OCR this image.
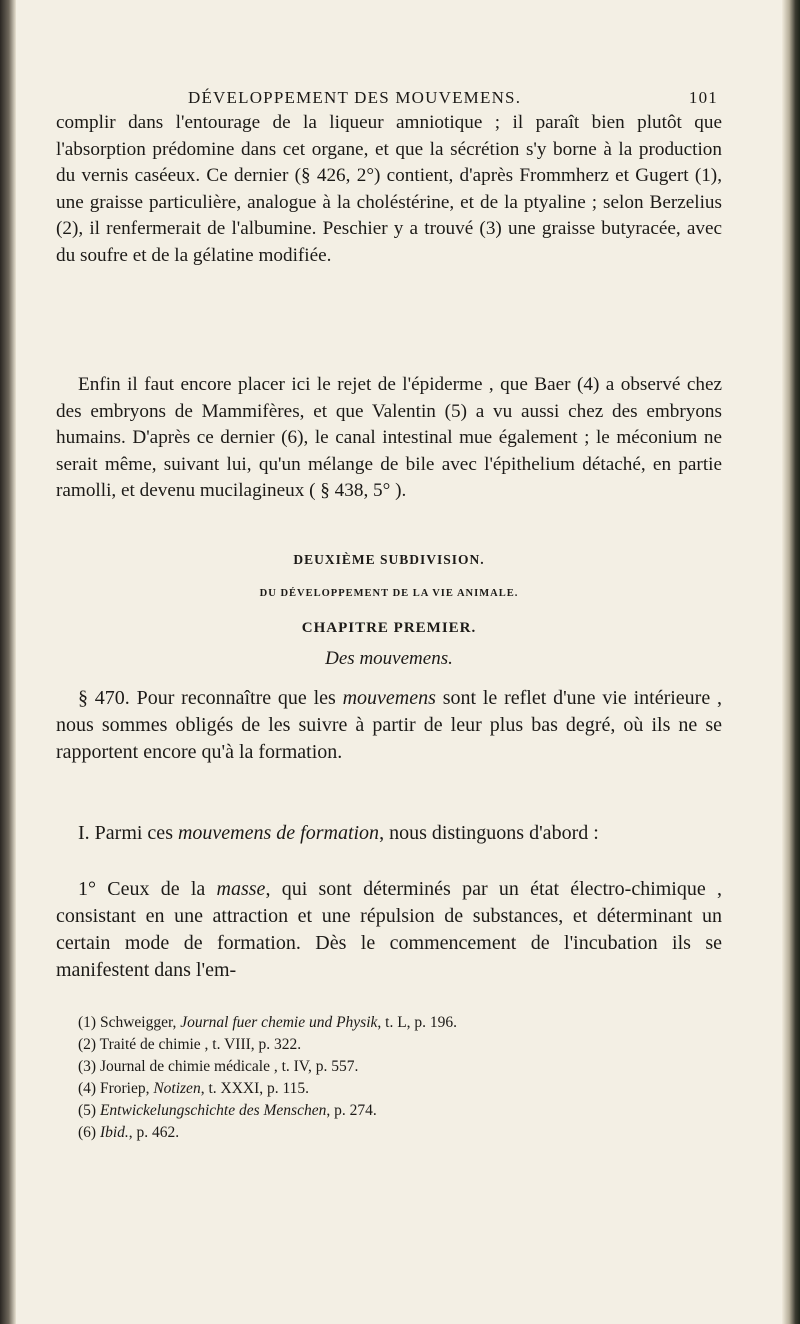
DÉVELOPPEMENT DES MOUVEMENS.	101
complir dans l'entourage de la liqueur amniotique ; il paraît bien plutôt que l'absorption prédomine dans cet organe, et que la sécrétion s'y borne à la production du vernis caséeux. Ce dernier (§ 426, 2°) contient, d'après Frommherz et Gugert (1), une graisse particulière, analogue à la choléstérine, et de la ptyaline ; selon Berzelius (2), il renfermerait de l'albumine. Peschier y a trouvé (3) une graisse butyracée, avec du soufre et de la gélatine modifiée.
Enfin il faut encore placer ici le rejet de l'épiderme , que Baer (4) a observé chez des embryons de Mammifères, et que Valentin (5) a vu aussi chez des embryons humains. D'après ce dernier (6), le canal intestinal mue également ; le méconium ne serait même, suivant lui, qu'un mélange de bile avec l'épithelium détaché, en partie ramolli, et devenu mucilagineux ( § 438, 5° ).
DEUXIÈME SUBDIVISION.
DU DÉVELOPPEMENT DE LA VIE ANIMALE.
CHAPITRE PREMIER.
Des mouvemens.
§ 470. Pour reconnaître que les mouvemens sont le reflet d'une vie intérieure , nous sommes obligés de les suivre à partir de leur plus bas degré, où ils ne se rapportent encore qu'à la formation.
I. Parmi ces mouvemens de formation, nous distinguons d'abord :
1° Ceux de la masse, qui sont déterminés par un état électro-chimique , consistant en une attraction et une répulsion de substances, et déterminant un certain mode de formation. Dès le commencement de l'incubation ils se manifestent dans l'em-
(1) Schweigger, Journal fuer chemie und Physik, t. L, p. 196.
(2) Traité de chimie , t. VIII, p. 322.
(3) Journal de chimie médicale , t. IV, p. 557.
(4) Froriep, Notizen, t. XXXI, p. 115.
(5) Entwickelungschichte des Menschen, p. 274.
(6) Ibid., p. 462.
